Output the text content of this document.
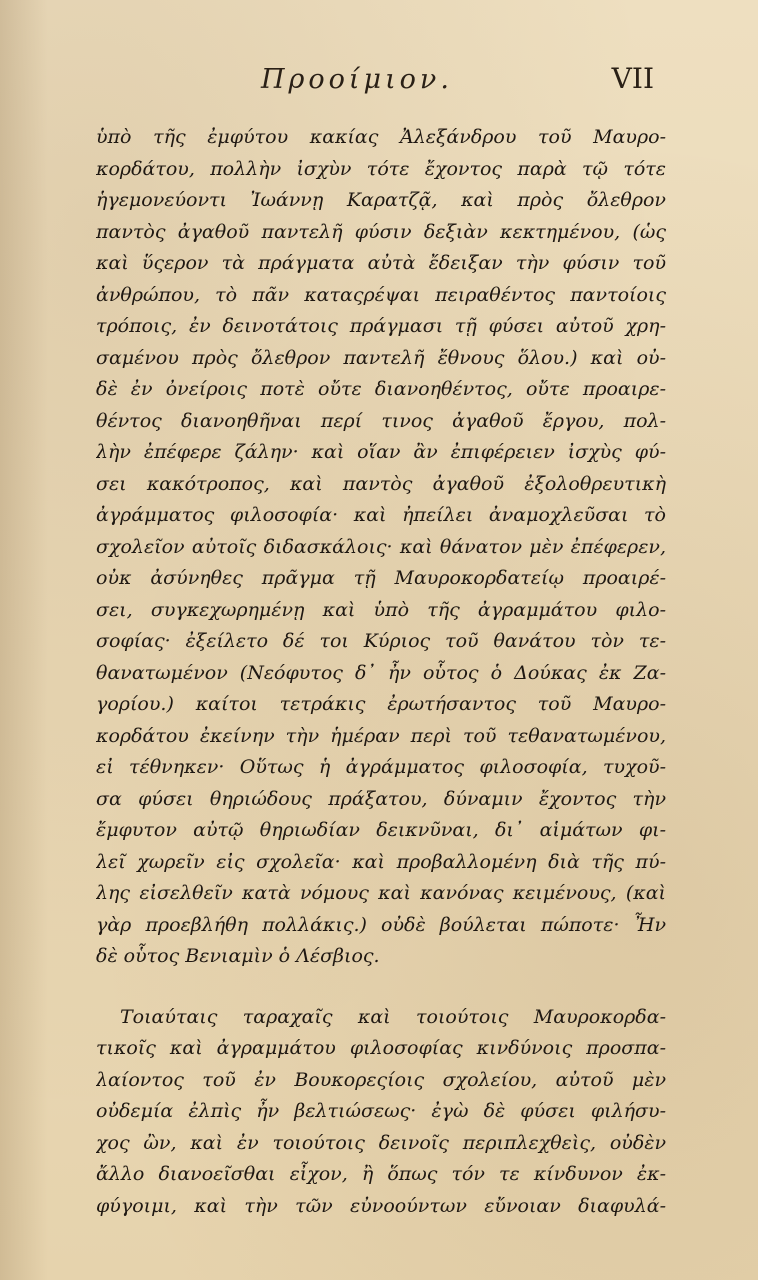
Προοίμιον.	VII
ὑπὸ τῆς ἐμφύτου κακίας Ἀλεξάνδρου τοῦ Μαυρο-
κορδάτου, πολλὴν ἰσχὺν τότε ἔχοντος παρὰ τῷ τότε
ἡγεμονεύοντι Ἰωάννῃ Καρατζᾷ, καὶ πρὸς ὄλεθρον
παντὸς ἀγαθοῦ παντελῆ φύσιν δεξιὰν κεκτημένου, (ὡς
καὶ ὕςερον τὰ πράγματα αὐτὰ ἔδειξαν τὴν φύσιν τοῦ
ἀνθρώπου, τὸ πᾶν καταςρέψαι πειραθέντος παντοίοις
τρόποις, ἐν δεινοτάτοις πράγμασι τῇ φύσει αὐτοῦ χρη-
σαμένου πρὸς ὄλεθρον παντελῆ ἔθνους ὅλου.) καὶ οὐ-
δὲ ἐν ὀνείροις ποτὲ οὔτε διανοηθέντος, οὔτε προαιρε-
θέντος διανοηθῆναι περί τινος ἀγαθοῦ ἔργου, πολ-
λὴν ἐπέφερε ζάλην· καὶ οἵαν ἂν ἐπιφέρειεν ἰσχὺς φύ-
σει κακότροπος, καὶ παντὸς ἀγαθοῦ ἐξολοθρευτικὴ
ἀγράμματος φιλοσοφία· καὶ ἠπείλει ἀναμοχλεῦσαι τὸ
σχολεῖον αὐτοῖς διδασκάλοις· καὶ θάνατον μὲν ἐπέφερεν,
οὐκ ἀσύνηθες πρᾶγμα τῇ Μαυροκορδατείῳ προαιρέ-
σει, συγκεχωρημένῃ καὶ ὑπὸ τῆς ἀγραμμάτου φιλο-
σοφίας· ἐξείλετο δέ τοι Κύριος τοῦ θανάτου τὸν τε-
θανατωμένον (Νεόφυτος δ᾽ ἦν οὗτος ὁ Δούκας ἐκ Ζα-
γορίου.) καίτοι τετράκις ἐρωτήσαντος τοῦ Μαυρο-
κορδάτου ἐκείνην τὴν ἡμέραν περὶ τοῦ τεθανατωμένου,
εἰ τέθνηκεν· Οὕτως ἡ ἀγράμματος φιλοσοφία, τυχοῦ-
σα φύσει θηριώδους πράξατου, δύναμιν ἔχοντος τὴν
ἔμφυτον αὐτῷ θηριωδίαν δεικνῦναι, δι᾽ αἱμάτων φι-
λεῖ χωρεῖν εἰς σχολεῖα· καὶ προβαλλομένη διὰ τῆς πύ-
λης εἰσελθεῖν κατὰ νόμους καὶ κανόνας κειμένους, (καὶ
γὰρ προεβλήθη πολλάκις.) οὐδὲ βούλεται πώποτε· Ἦν
δὲ οὗτος Βενιαμὶν ὁ Λέσβιος.
Τοιαύταις ταραχαῖς καὶ τοιούτοις Μαυροκορδα-
τικοῖς καὶ ἀγραμμάτου φιλοσοφίας κινδύνοις προσπα-
λαίοντος τοῦ ἐν Βουκορεςίοις σχολείου, αὐτοῦ μὲν
οὐδεμία ἐλπὶς ἦν βελτιώσεως· ἐγὼ δὲ φύσει φιλήσυ-
χος ὢν, καὶ ἐν τοιούτοις δεινοῖς περιπλεχθεὶς, οὐδὲν
ἄλλο διανοεῖσθαι εἶχον, ἢ ὅπως τόν τε κίνδυνον ἐκ-
φύγοιμι, καὶ τὴν τῶν εὐνοούντων εὔνοιαν διαφυλά-
